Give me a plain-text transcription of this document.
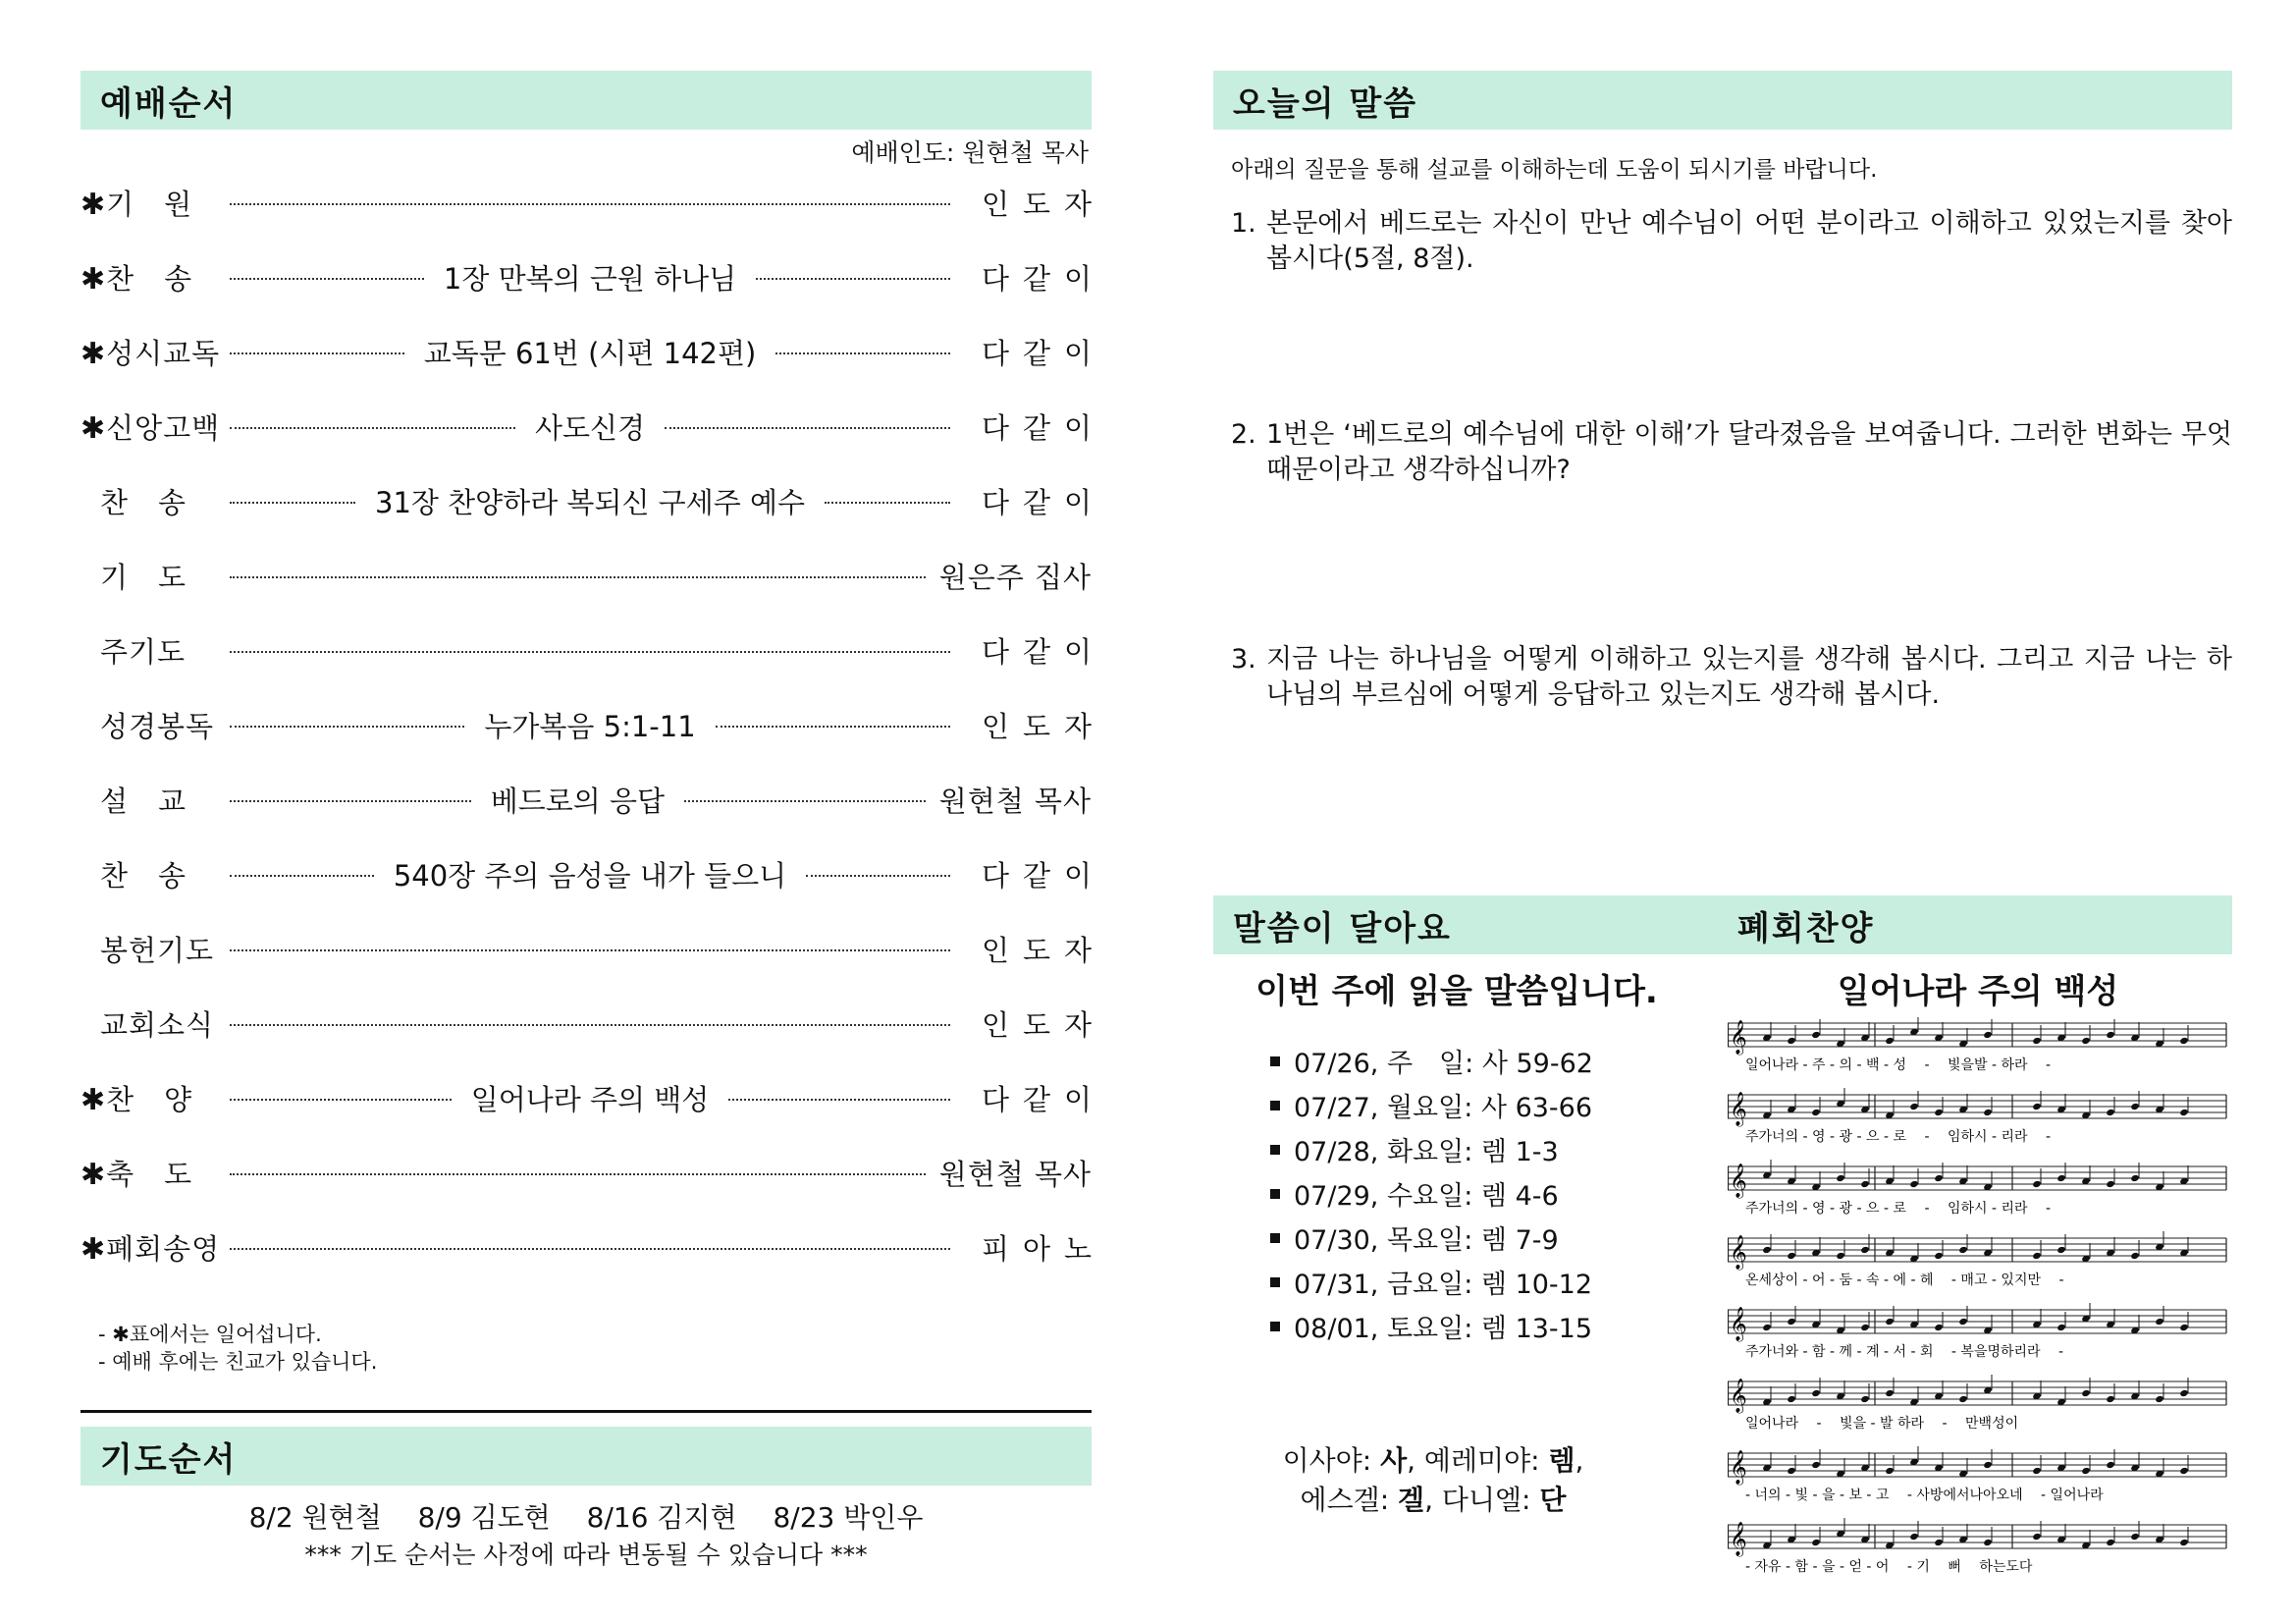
예배순서
예배인도: 원현철 목사
✱기　원	인도자
✱찬　송	1장 만복의 근원 하나님	다같이
✱성시교독	교독문 61번 (시편 142편)	다같이
✱신앙고백	사도신경	다같이
찬　송	31장 찬양하라 복되신 구세주 예수	다같이
기　도	원은주 집사
주기도	다같이
성경봉독	누가복음 5:1-11	인도자
설　교	베드로의 응답	원현철 목사
찬　송	540장 주의 음성을 내가 들으니	다같이
봉헌기도	인도자
교회소식	인도자
✱찬　양	일어나라 주의 백성	다같이
✱축　도	원현철 목사
✱폐회송영	피아노
- ✱표에서는 일어섭니다.
- 예배 후에는 친교가 있습니다.
기도순서
8/2 원현철　 8/9 김도현　 8/16 김지현　 8/23 박인우
*** 기도 순서는 사정에 따라 변동될 수 있습니다 ***
오늘의 말씀
아래의 질문을 통해 설교를 이해하는데 도움이 되시기를 바랍니다.
1. 본문에서 베드로는 자신이 만난 예수님이 어떤 분이라고 이해하고 있었는지를 찾아봅시다(5절, 8절).
2. 1번은 ‘베드로의 예수님에 대한 이해’가 달라졌음을 보여줍니다. 그러한 변화는 무엇 때문이라고 생각하십니까?
3. 지금 나는 하나님을 어떻게 이해하고 있는지를 생각해 봅시다. 그리고 지금 나는 하나님의 부르심에 어떻게 응답하고 있는지도 생각해 봅시다.
말씀이 달아요	폐회찬양
이번 주에 읽을 말씀입니다.	일어나라 주의 백성
07/26, 주　일: 사 59-62
07/27, 월요일: 사 63-66
07/28, 화요일: 렘 1-3
07/29, 수요일: 렘 4-6
07/30, 목요일: 렘 7-9
07/31, 금요일: 렘 10-12
08/01, 토요일: 렘 13-15
이사야: 사, 예레미야: 렘,
에스겔: 겔, 다니엘: 단
𝄞
일어나라 - 주 - 의 - 백 - 성　 -　 빛을발 - 하라　 -
𝄞
주가너의 - 영 - 광 - 으 - 로　 -　 임하시 - 리라　 -
𝄞
주가너의 - 영 - 광 - 으 - 로　 -　 임하시 - 리라　 -
𝄞
온세상이 - 어 - 둠 - 속 - 에 - 헤　 - 매고 - 있지만　 -
𝄞
주가너와 - 함 - 께 - 계 - 서 - 회　 - 복을명하리라　 -
𝄞
일어나라　 -　 빛을 - 발 하라　 -　 만백성이
𝄞
- 너의 - 빛 - 을 - 보 - 고　 - 사방에서나아오네　 - 일어나라
𝄞
- 자유 - 함 - 을 - 얻 - 어　 - 기　 뻐　 하는도다
